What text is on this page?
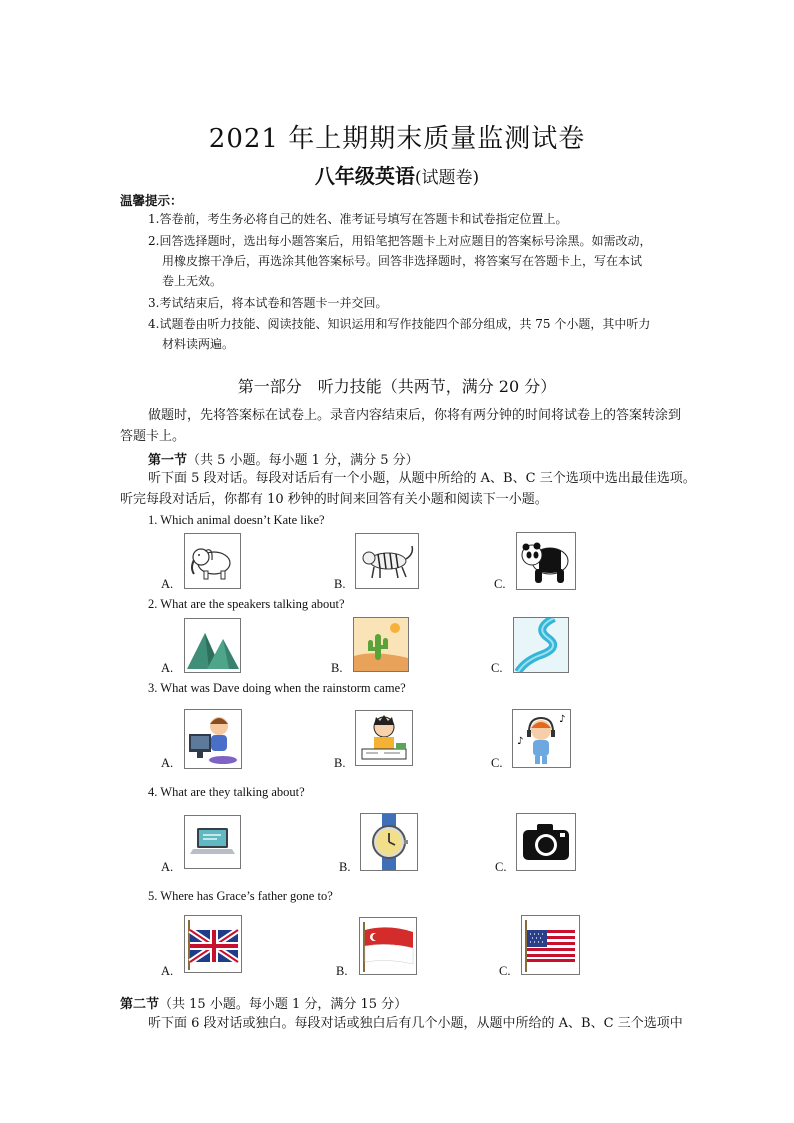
2021 年上期期末质量监测试卷
八年级英语(试题卷)
温馨提示：
1.答卷前，考生务必将自己的姓名、准考证号填写在答题卡和试卷指定位置上。
2.回答选择题时，选出每小题答案后，用铅笔把答题卡上对应题目的答案标号涂黑。如需改动，
用橡皮擦干净后，再选涂其他答案标号。回答非选择题时，将答案写在答题卡上，写在本试
卷上无效。
3.考试结束后，将本试卷和答题卡一并交回。
4.试题卷由听力技能、阅读技能、知识运用和写作技能四个部分组成，共 75 个小题，其中听力
材料读两遍。
第一部分　听力技能（共两节，满分 20 分）
做题时，先将答案标在试卷上。录音内容结束后，你将有两分钟的时间将试卷上的答案转涂到
答题卡上。
第一节（共 5 小题。每小题 1 分，满分 5 分）
听下面 5 段对话。每段对话后有一个小题，从题中所给的 A、B、C 三个选项中选出最佳选项。
听完每段对话后，你都有 10 秒钟的时间来回答有关小题和阅读下一小题。
1. Which animal doesn’t Kate like?
A.	B.	C.
2. What are the speakers talking about?
A.	B.	C.
3. What was Dave doing when the rainstorm came?
A.	B.	C.
♪
♪
4. What are they talking about?
A.	B.	C.
5. Where has Grace’s father gone to?
A.	B.	C.
第二节（共 15 小题。每小题 1 分，满分 15 分）
听下面 6 段对话或独白。每段对话或独白后有几个小题，从题中所给的 A、B、C 三个选项中
